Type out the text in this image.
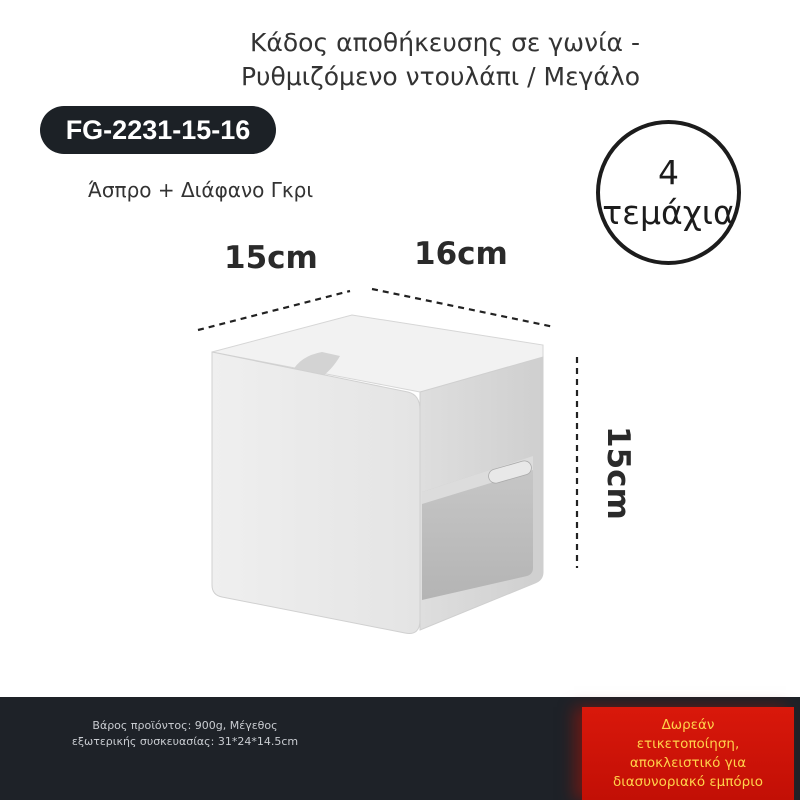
Κάδος αποθήκευσης σε γωνία -
Ρυθμιζόμενο ντουλάπι / Μεγάλο
FG-2231-15-16
Άσπρο + Διάφανο Γκρι	4
τεμάχια
15cm	16cm
15cm
Βάρος προϊόντος: 900g, Μέγεθος
εξωτερικής συσκευασίας: 31*24*14.5cm
Δωρεάν
ετικετοποίηση,
αποκλειστικό για
διασυνοριακό εμπόριο
